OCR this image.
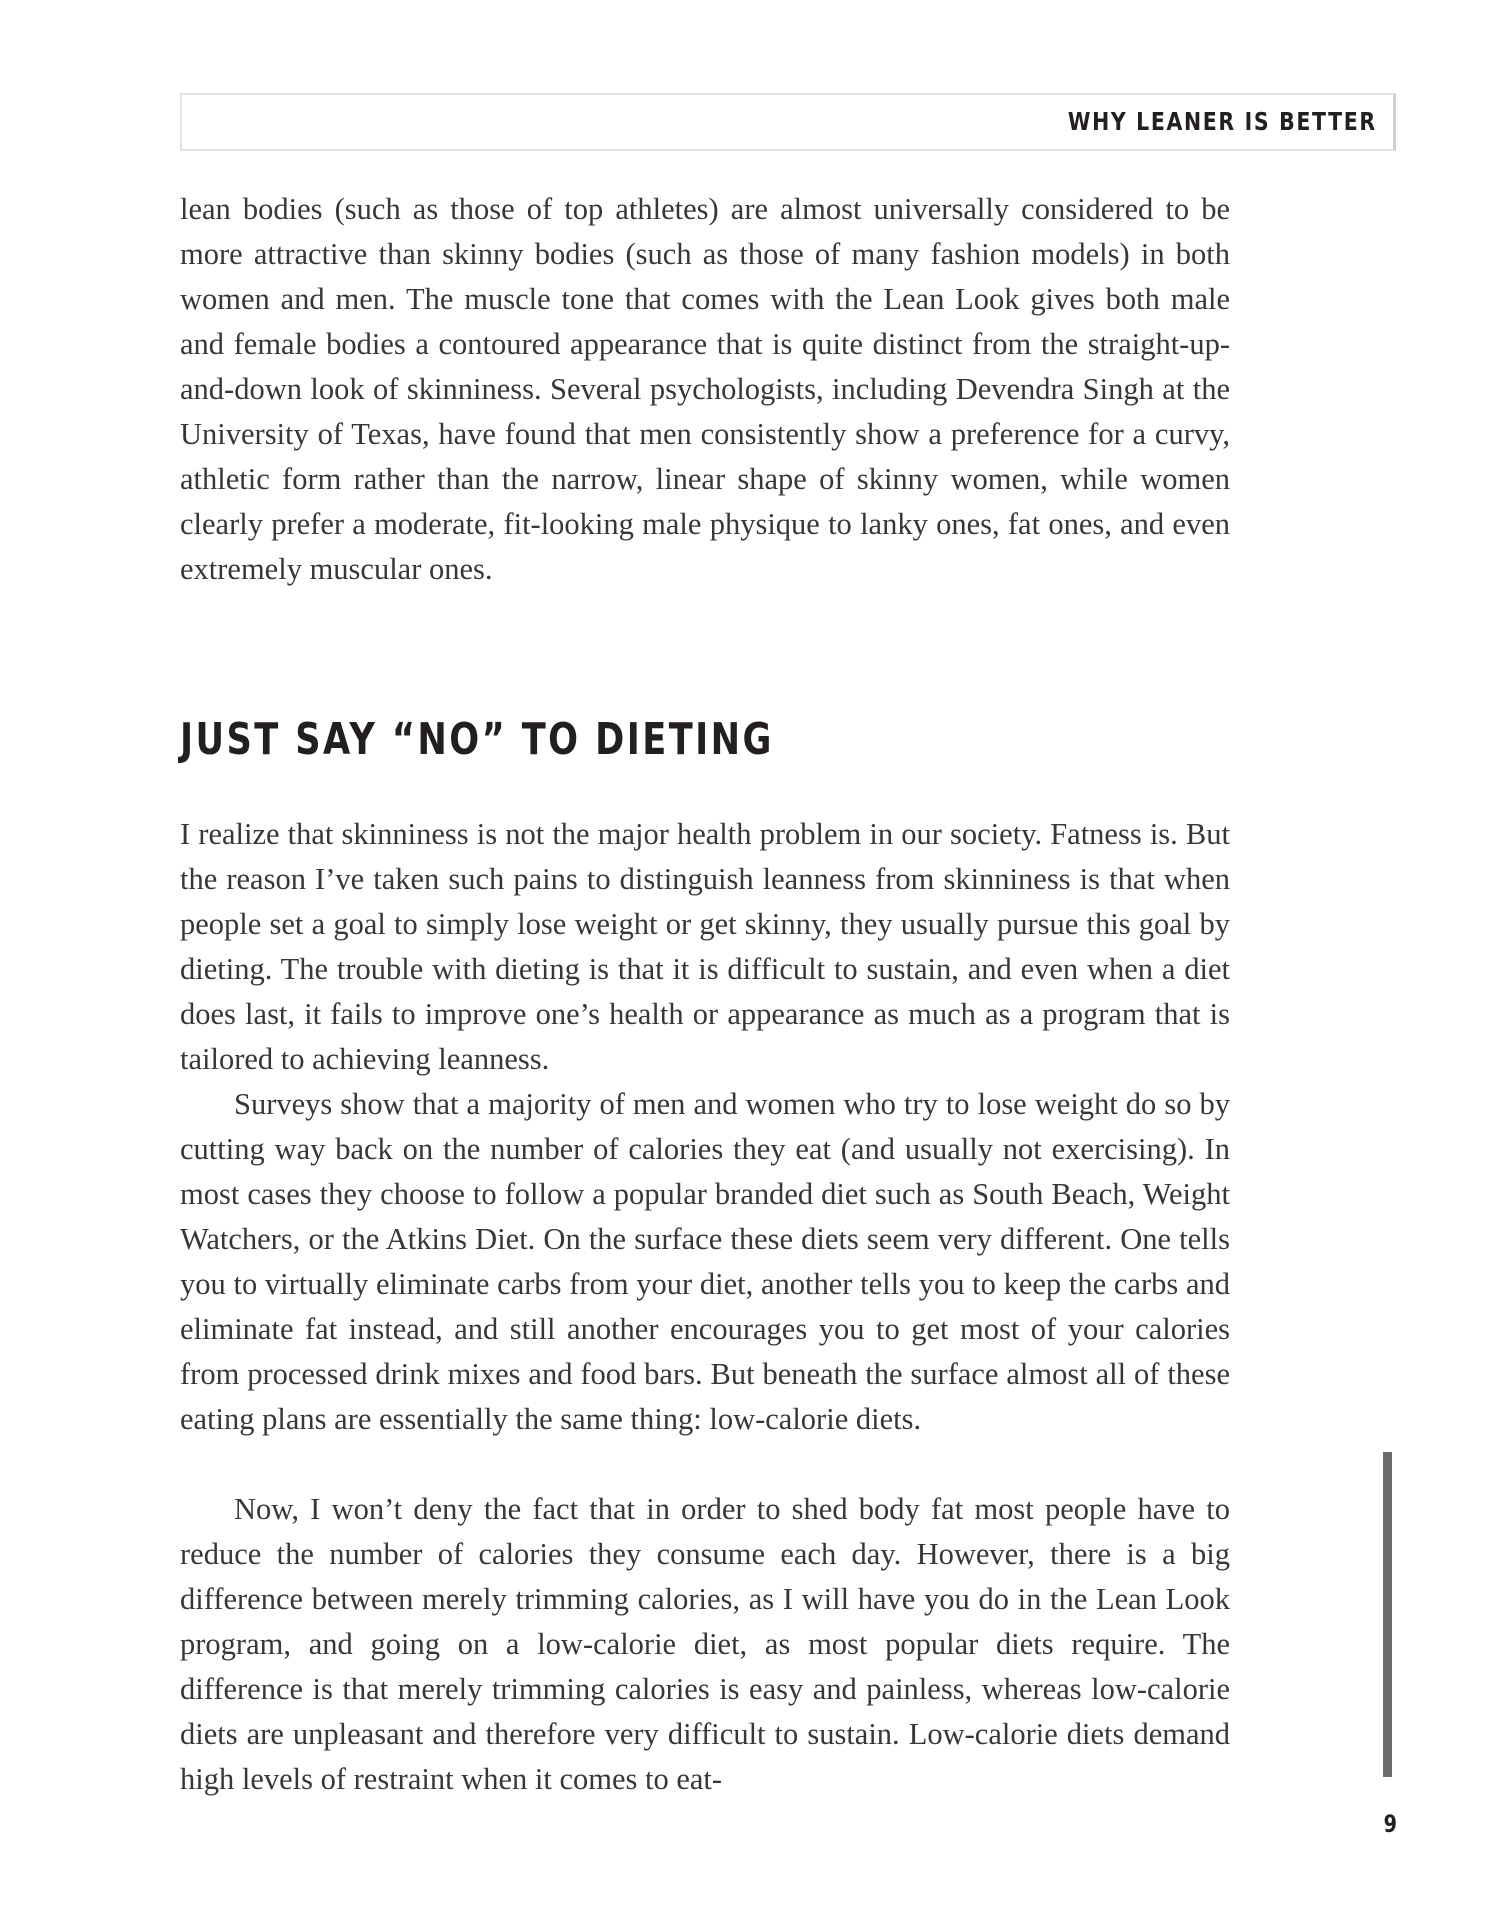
WHY LEANER IS BETTER

lean bodies (such as those of top athletes) are almost universally considered to be more attractive than skinny bodies (such as those of many fashion models) in both women and men. The muscle tone that comes with the Lean Look gives both male and female bodies a contoured appearance that is quite distinct from the straight-up-and-down look of skinniness. Several psychologists, including Devendra Singh at the University of Texas, have found that men consistently show a preference for a curvy, athletic form rather than the narrow, linear shape of skinny women, while women clearly prefer a moderate, fit-looking male physique to lanky ones, fat ones, and even extremely muscular ones.

JUST SAY “NO” TO DIETING

I realize that skinniness is not the major health problem in our society. Fatness is. But the reason I’ve taken such pains to distinguish leanness from skinniness is that when people set a goal to simply lose weight or get skinny, they usually pursue this goal by dieting. The trouble with dieting is that it is difficult to sustain, and even when a diet does last, it fails to improve one’s health or appearance as much as a program that is tailored to achieving leanness.

Surveys show that a majority of men and women who try to lose weight do so by cutting way back on the number of calories they eat (and usually not exercising). In most cases they choose to follow a popular branded diet such as South Beach, Weight Watchers, or the Atkins Diet. On the surface these diets seem very different. One tells you to virtually eliminate carbs from your diet, another tells you to keep the carbs and eliminate fat instead, and still another encourages you to get most of your calories from processed drink mixes and food bars. But beneath the surface almost all of these eating plans are essentially the same thing: low-calorie diets.

Now, I won’t deny the fact that in order to shed body fat most people have to reduce the number of calories they consume each day. However, there is a big difference between merely trimming calories, as I will have you do in the Lean Look program, and going on a low-calorie diet, as most popular diets require. The difference is that merely trimming calories is easy and painless, whereas low-calorie diets are unpleasant and therefore very difficult to sustain. Low-calorie diets demand high levels of restraint when it comes to eat-

9
